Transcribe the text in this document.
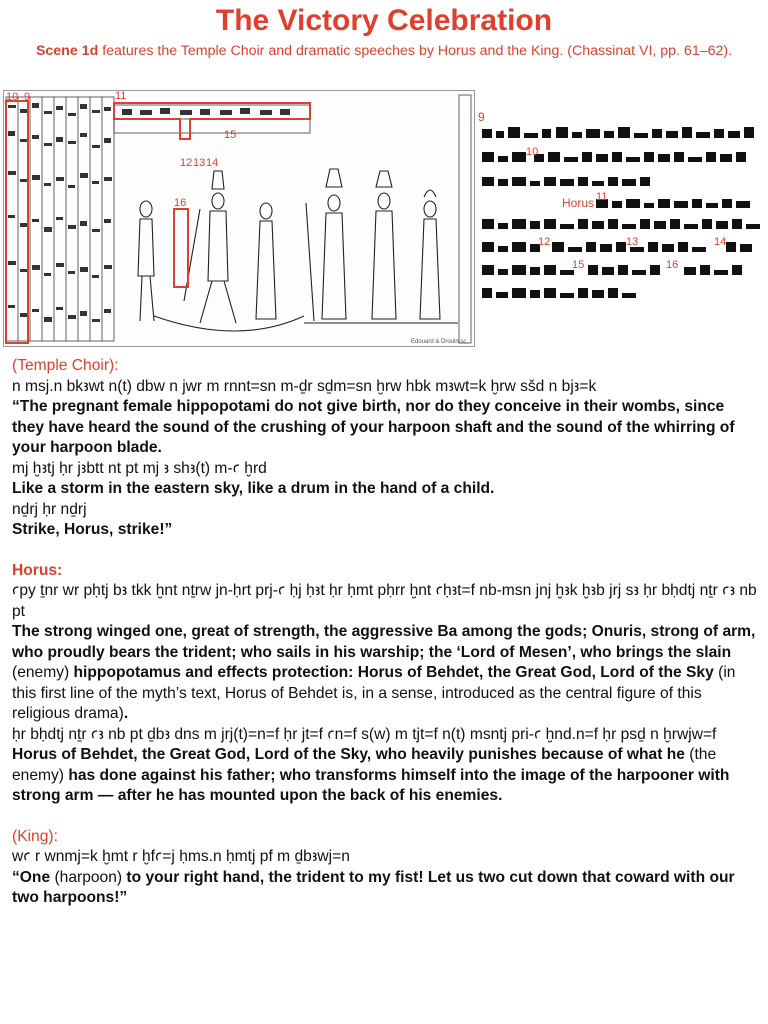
The Victory Celebration
Scene 1d features the Temple Choir and dramatic speeches by Horus and the King. (Chassinat VI, pp. 61–62).
10 9	11
15
12 13 14
16
Edouard & Drouin sc.
9
10
Horus 11
12	13	14
15	16

(Temple Choir):

n msj.n bkꜣwt n(t) dbw n jwr m rnnt=sn m-ḏr sḏm=sn ḫrw hbk mꜣwt=k ḫrw sšd n bjꜣ=k

“The pregnant female hippopotami do not give birth, nor do they conceive in their wombs, since they have heard the sound of the crushing of your harpoon shaft and the sound of the whirring of your harpoon blade.

mj ḫꜣtj ḥr jꜣbtt nt pt mj ꜣ shꜣ(t) m-ꜥ ḫrd

Like a storm in the eastern sky, like a drum in the hand of a child.

nḏrj ḥr nḏrj

Strike, Horus, strike!”

Horus:

ꜥpy ṯnr wr pḥtj bꜣ tkk ḫnt nṯrw jn-ḥrt prj-ꜥ ḥj ḥꜣt ḥr ḥmt pḥrr ḫnt ꜥḥꜣt=f nb-msn jnj ḫꜣk ḫꜣb jrj sꜣ ḥr bḥdtj nṯr ꜥꜣ nb pt

The strong winged one, great of strength, the aggressive Ba among the gods; Onuris, strong of arm, who proudly bears the trident; who sails in his warship; the ‘Lord of Mesen’, who brings the slain (enemy) hippopotamus and effects protection: Horus of Behdet, the Great God, Lord of the Sky (in this first line of the myth’s text, Horus of Behdet is, in a sense, introduced as the central figure of this religious drama).

ḥr bḥdtj nṯr ꜥꜣ nb pt ḏbꜣ dns m jrj(t)=n=f ḥr jt=f ꜥn=f s(w) m tjt=f n(t) msntj pri-ꜥ ḫnd.n=f ḥr psḏ n ḫrwjw=f

Horus of Behdet, the Great God, Lord of the Sky, who heavily punishes because of what he (the enemy) has done against his father; who transforms himself into the image of the harpooner with strong arm — after he has mounted upon the back of his enemies.

(King):

wꜥ r wnmj=k ḫmt r ḫfꜥ=j ḥms.n ḥmtj pf m ḏbꜣwj=n

“One (harpoon) to your right hand, the trident to my fist! Let us two cut down that coward with our two harpoons!”
